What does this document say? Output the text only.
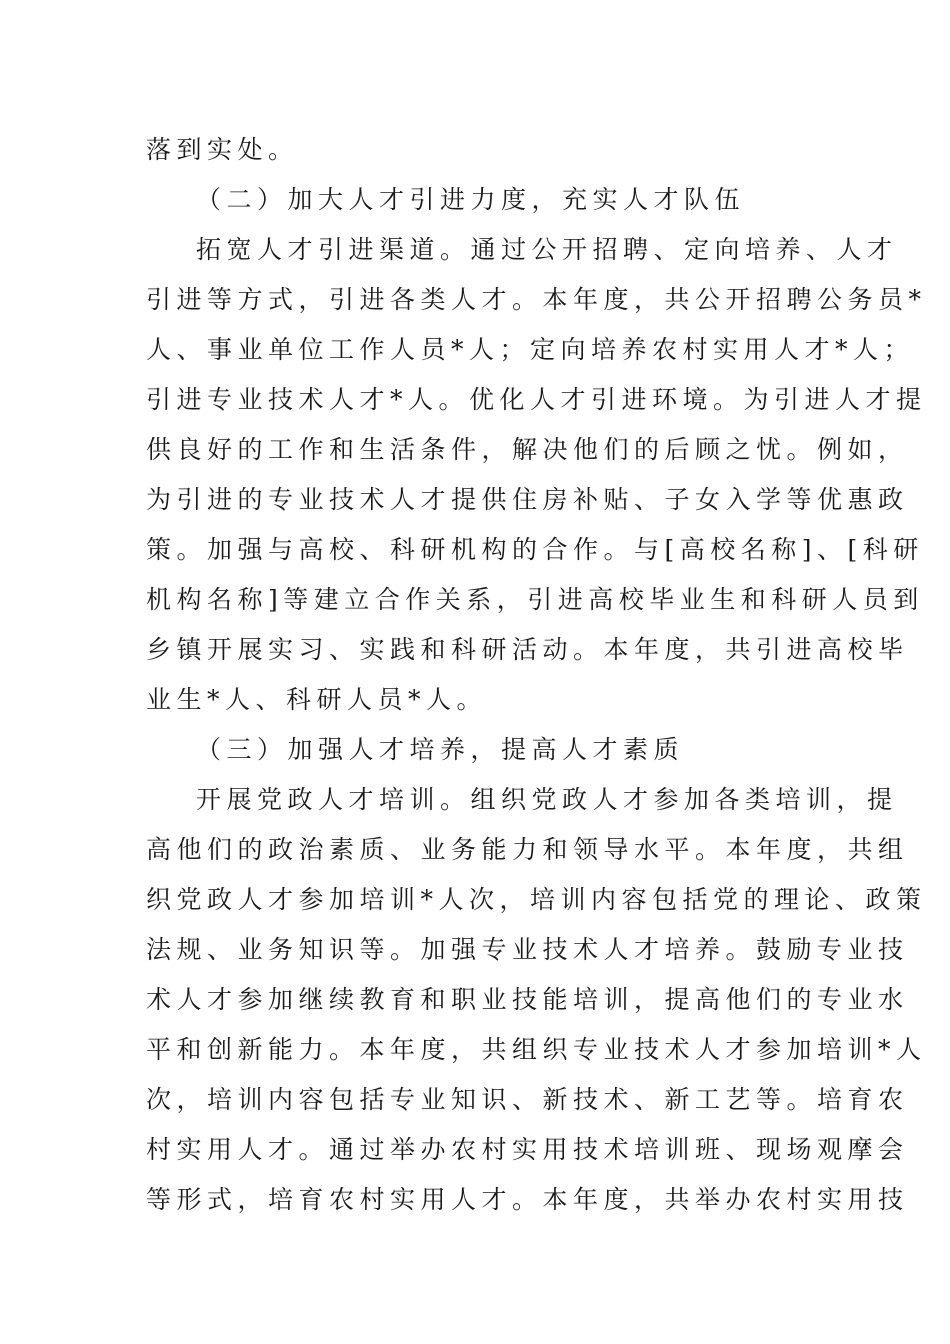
落到实处。
（二）加大人才引进力度，充实人才队伍
拓宽人才引进渠道。通过公开招聘、定向培养、人才
引进等方式，引进各类人才。本年度，共公开招聘公务员*
人、事业单位工作人员*人；定向培养农村实用人才*人；
引进专业技术人才*人。优化人才引进环境。为引进人才提
供良好的工作和生活条件，解决他们的后顾之忧。例如，
为引进的专业技术人才提供住房补贴、子女入学等优惠政
策。加强与高校、科研机构的合作。与[高校名称]、[科研
机构名称]等建立合作关系，引进高校毕业生和科研人员到
乡镇开展实习、实践和科研活动。本年度，共引进高校毕
业生*人、科研人员*人。
（三）加强人才培养，提高人才素质
开展党政人才培训。组织党政人才参加各类培训，提
高他们的政治素质、业务能力和领导水平。本年度，共组
织党政人才参加培训*人次，培训内容包括党的理论、政策
法规、业务知识等。加强专业技术人才培养。鼓励专业技
术人才参加继续教育和职业技能培训，提高他们的专业水
平和创新能力。本年度，共组织专业技术人才参加培训*人
次，培训内容包括专业知识、新技术、新工艺等。培育农
村实用人才。通过举办农村实用技术培训班、现场观摩会
等形式，培育农村实用人才。本年度，共举办农村实用技
